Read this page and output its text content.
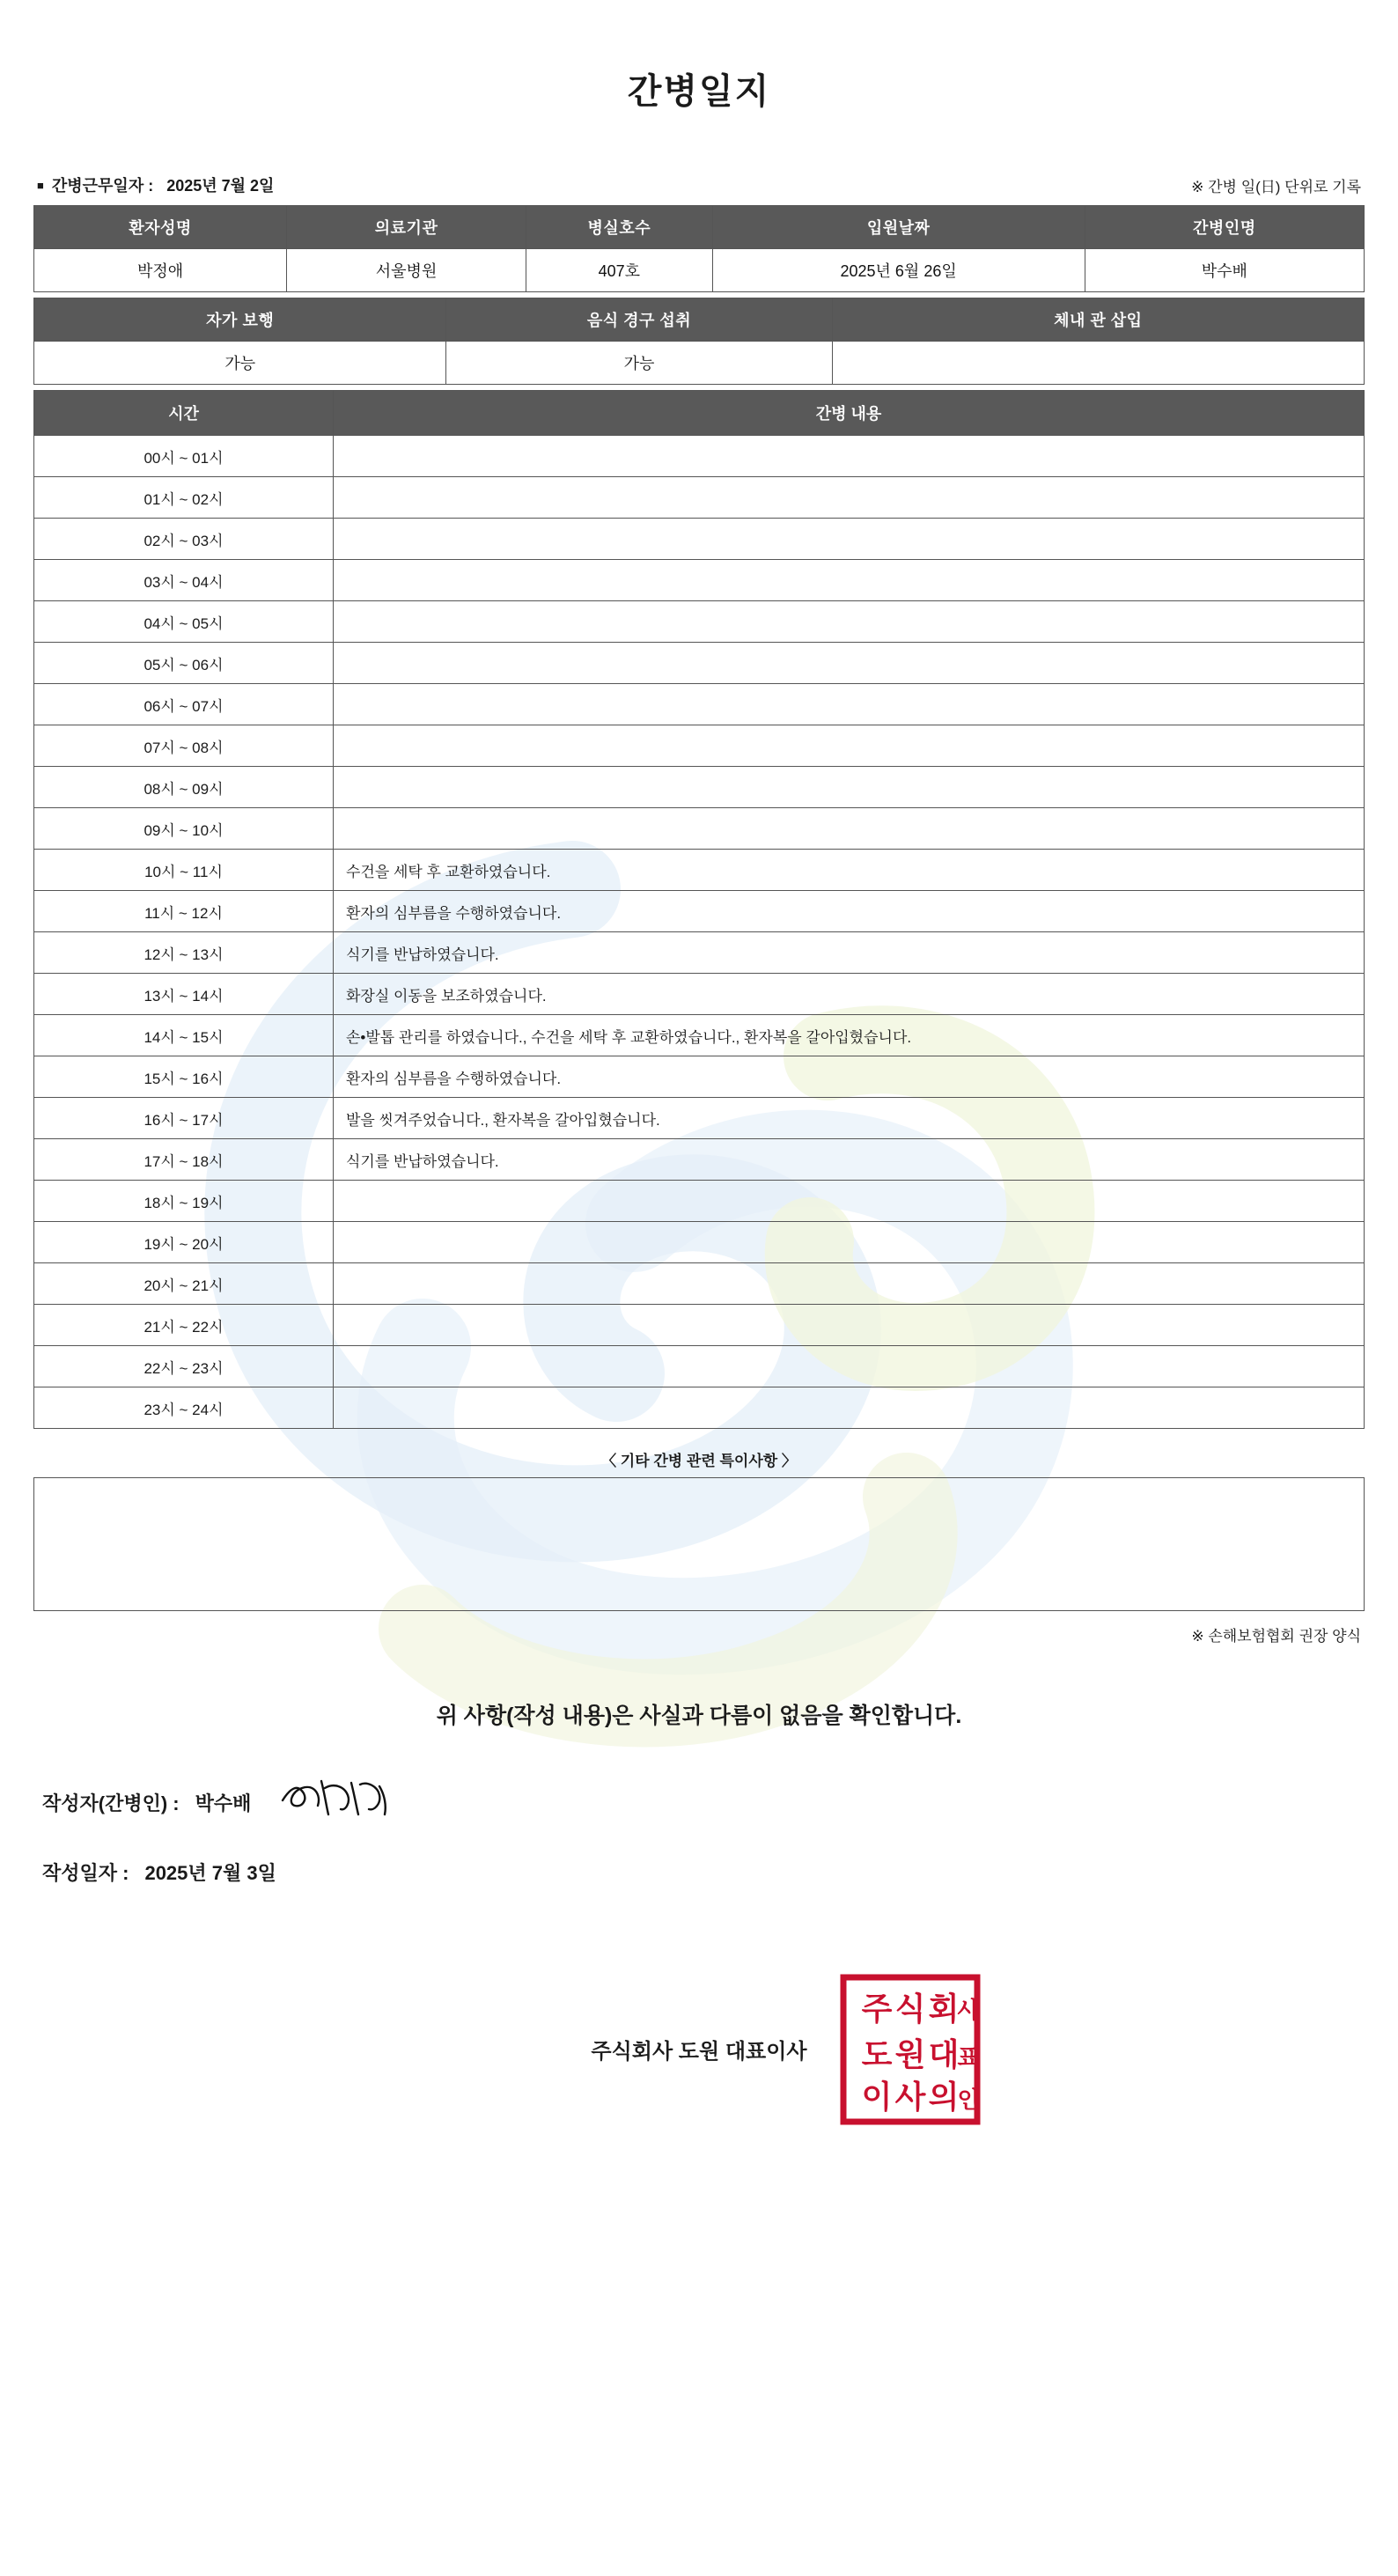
간병일지
■ 간병근무일자 : 2025년 7월 2일	※ 간병 일(日) 단위로 기록
환자성명	의료기관	병실호수	입원날짜	간병인명
박정애	서울병원	407호	2025년 6월 26일	박수배
자가 보행	음식 경구 섭취	체내 관 삽입
가능	가능	
시간	간병 내용
00시 ~ 01시	
01시 ~ 02시	
02시 ~ 03시	
03시 ~ 04시	
04시 ~ 05시	
05시 ~ 06시	
06시 ~ 07시	
07시 ~ 08시	
08시 ~ 09시	
09시 ~ 10시	
10시 ~ 11시	수건을 세탁 후 교환하였습니다.
11시 ~ 12시	환자의 심부름을 수행하였습니다.
12시 ~ 13시	식기를 반납하였습니다.
13시 ~ 14시	화장실 이동을 보조하였습니다.
14시 ~ 15시	손•발톱 관리를 하였습니다., 수건을 세탁 후 교환하였습니다., 환자복을 갈아입혔습니다.
15시 ~ 16시	환자의 심부름을 수행하였습니다.
16시 ~ 17시	발을 씻겨주었습니다., 환자복을 갈아입혔습니다.
17시 ~ 18시	식기를 반납하였습니다.
18시 ~ 19시	
19시 ~ 20시	
20시 ~ 21시	
21시 ~ 22시	
22시 ~ 23시	
23시 ~ 24시	
〈 기타 간병 관련 특이사항 〉
※ 손해보험협회 권장 양식
위 사항(작성 내용)은 사실과 다름이 없음을 확인합니다.
작성자(간병인) : 박수배
작성일자 : 2025년 7월 3일
주식회사 도원 대표이사
주 식 회
도 원 대
이 사 의
사
표
인
